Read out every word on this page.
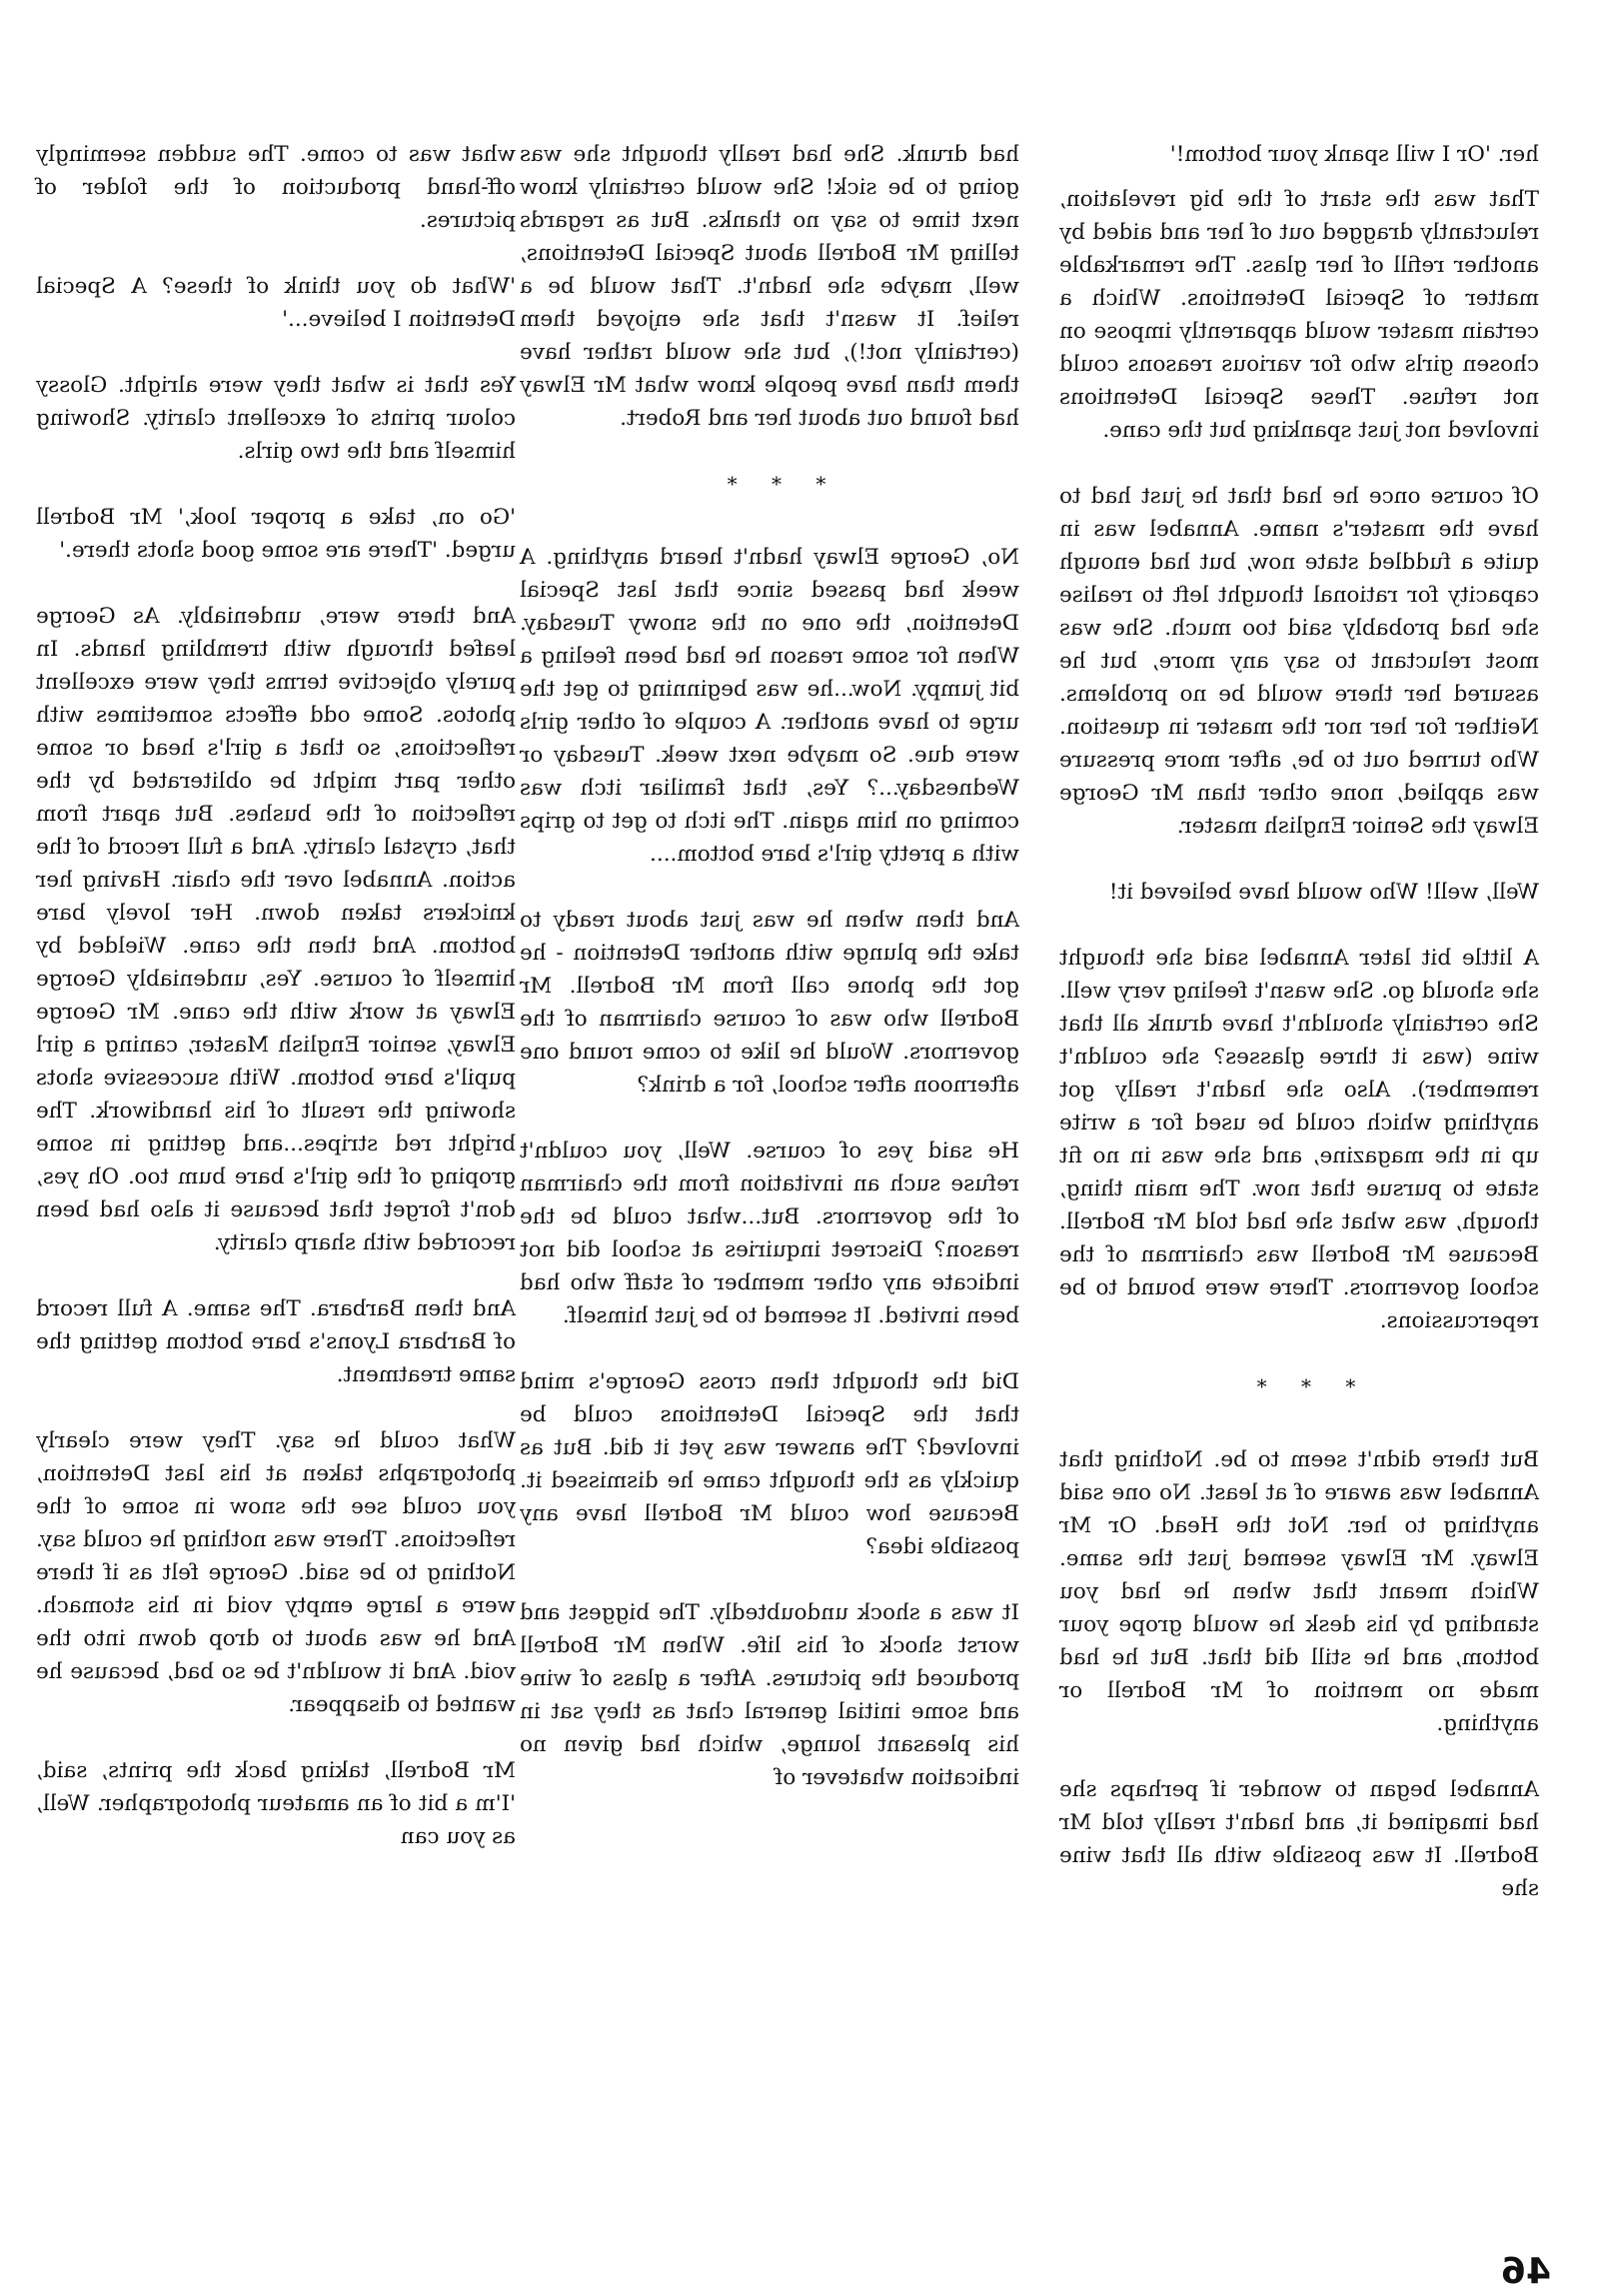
her. 'Or I will spank your bottom!'

That was the start of the big revelation, reluctantly dragged out of her and aided by another refill of her glass. The remarkable matter of Special Detentions. Which a certain master would apparently impose on chosen girls who for various reasons could not refuse. These Special Detentions involved not just spanking but the cane.

Of course once he had that he just had to have the master's name. Annabel was in quite a fuddled state now, but had enough capacity for rational thought left to realise she had probably said too much. She was most reluctant to say any more, but he assured her there would be no problems. Neither for her nor the master in question. Who turned out to be, after more pressure was applied, none other than Mr George Elway the Senior English master.

Well, well! Who would have believed it!

A little bit later Annabel said she thought she should go. She wasn't feeling very well. She certainly shouldn't have drunk all that wine (was it three glasses? she couldn't remember). Also she hadn't really got anything which could be used for a write up in the magazine, and she was in no fit state to pursue that now. The main thing, though, was what she had told Mr Bodrell. Because Mr Bodrell was chairman of the school governors. There were bound to be repercussions.

* * *

But there didn't seem to be. Nothing that Annabel was aware of at least. No one said anything to her. Not the Head. Or Mr Elway. Mr Elway seemed just the same. Which meant that when he had you standing by his desk he would grope your bottom, and he still did that. But he had made no mention of Mr Bodrell or anything.

Annabel began to wonder if perhaps she had imagined it, and hadn't really told Mr Bodrell. It was possible with all that wine she

had drunk. She had really thought she was going to be sick! She would certainly know next time to say no thanks. But as regards telling Mr Bodrell about Special Detentions, well, maybe she hadn't. That would be a relief. It wasn't that she enjoyed them (certainly not!), but she would rather have them than have people know what Mr Elway had found out about her and Robert.

* * *

No, George Elway hadn't heard anything. A week had passed since that last Special Detention, the one on the snowy Tuesday. When for some reason he had been feeling a bit jumpy. Now...he was beginning to get the urge to have another. A couple of other girls were due. So maybe next week. Tuesday or Wednesday...? Yes, that familiar itch was coming on him again. The itch to get to grips with a pretty girl's bare bottom....

And then when he was just about ready to take the plunge with another Detention - he got the phone call from Mr Bodrell. Mr Bodrell who was of course chairman of the governors. Would he like to come round one afternoon after school, for a drink?

He said yes of course. Well, you couldn't refuse such an invitation from the chairman of the governors. But...what could be the reason? Discreet inquiries at school did not indicate any other member of staff who had been invited. It seemed to be just himself.

Did the thought then cross George's mind that the Special Detentions could be involved? The answer was yet it did. But as quickly as the thought came he dismissed it. Because how could Mr Bodrell have any possible idea?

It was a shock undoubtedly. The biggest and worst shock of his life. When Mr Bodrell produced the pictures. After a glass of wine and some initial general chat as they sat in his pleasant lounge, which had given no indication whatever of

what was to come. The sudden seemingly off-hand production of the folder of pictures.

'What do you think of these? A Special Detention I believe...'

Yes that is what they were alright. Glossy colour prints of excellent clarity. Showing himself and the two girls.

'Go on, take a proper look,' Mr Bodrell urged. 'There are some good shots there.'

And there were, undeniably. As George leafed through with trembling hands. In purely objective terms they were excellent photos. Some odd effects sometimes with reflections, so that a girl's head or some other part might be obliterated by the reflection of the bushes. But apart from that, crystal clarity. And a full record of the action. Annabel over the chair. Having her knickers taken down. Her lovely bare bottom. And then the cane. Wielded by himself of course. Yes, undeniably George Elway at work with the cane. Mr George Elway, senior English Master, caning a girl pupil's bare bottom. With successive shots showing the result of his handiwork. The bright red stripes...and getting in some groping of the girl's bare bum too. Oh yes, don't forget that because it also had been recorded with sharp clarity.

And then Barbara. The same. A full record of Barbara Lyons's bare bottom getting the same treatment.

What could he say. They were clearly photographs taken at his last Detention, you could see the snow in some of the reflections. There was nothing he could say. Nothing to be said. George felt as if there were a large empty void in his stomach. And he was about to drop down into the void. And it wouldn't be so bad, because he wanted to disappear.

Mr Bodrell, taking back the prints, said, 'I'm a bit of an amateur photographer. Well, as you can

46
